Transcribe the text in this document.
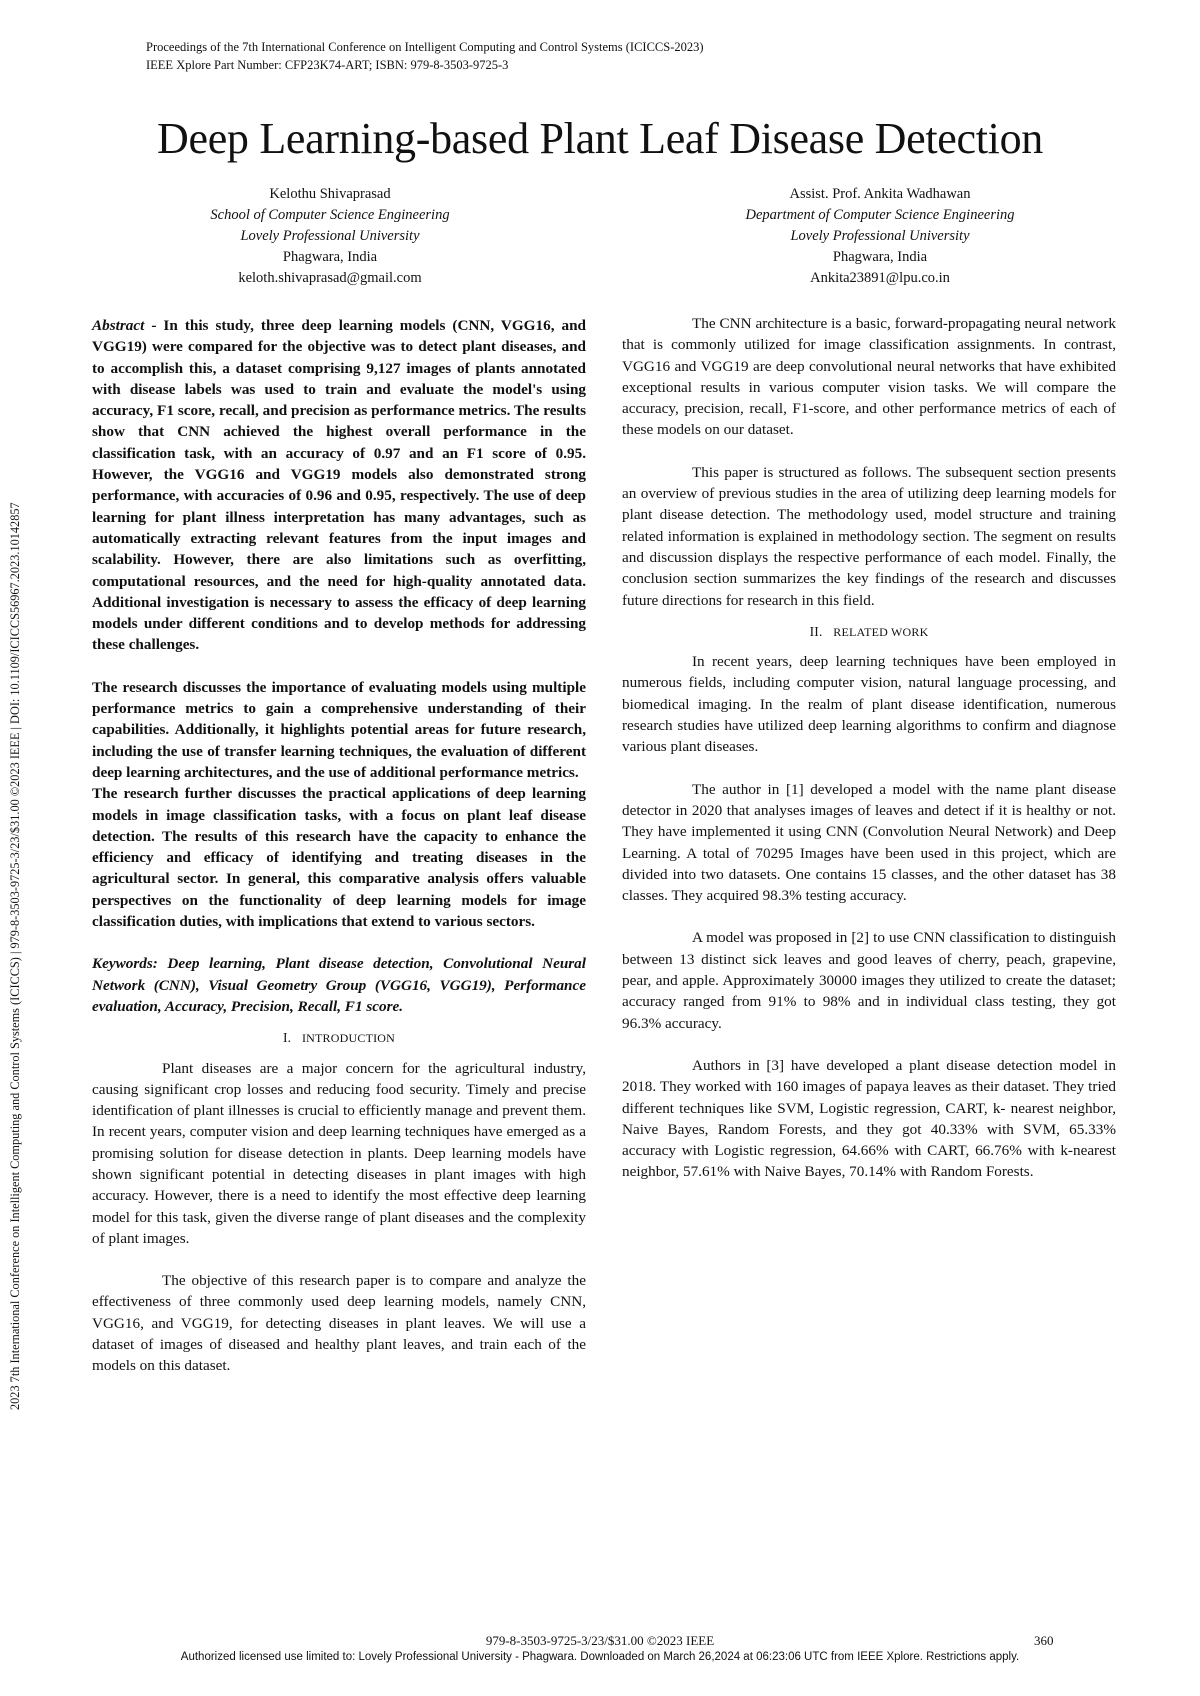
Proceedings of the 7th International Conference on Intelligent Computing and Control Systems (ICICCS-2023)
IEEE Xplore Part Number: CFP23K74-ART; ISBN: 979-8-3503-9725-3
Deep Learning-based Plant Leaf Disease Detection
Kelothu Shivaprasad
School of Computer Science Engineering
Lovely Professional University
Phagwara, India
keloth.shivaprasad@gmail.com
Assist. Prof. Ankita Wadhawan
Department of Computer Science Engineering
Lovely Professional University
Phagwara, India
Ankita23891@lpu.co.in
2023 7th International Conference on Intelligent Computing and Control Systems (ICICCS) | 979-8-3503-9725-3/23/$31.00 ©2023 IEEE | DOI: 10.1109/ICICCS56967.2023.10142857

Abstract - In this study, three deep learning models (CNN, VGG16, and VGG19) were compared for the objective was to detect plant diseases, and to accomplish this, a dataset comprising 9,127 images of plants annotated with disease labels was used to train and evaluate the model's using accuracy, F1 score, recall, and precision as performance metrics. The results show that CNN achieved the highest overall performance in the classification task, with an accuracy of 0.97 and an F1 score of 0.95. However, the VGG16 and VGG19 models also demonstrated strong performance, with accuracies of 0.96 and 0.95, respectively. The use of deep learning for plant illness interpretation has many advantages, such as automatically extracting relevant features from the input images and scalability. However, there are also limitations such as overfitting, computational resources, and the need for high-quality annotated data. Additional investigation is necessary to assess the efficacy of deep learning models under different conditions and to develop methods for addressing these challenges.

The research discusses the importance of evaluating models using multiple performance metrics to gain a comprehensive understanding of their capabilities. Additionally, it highlights potential areas for future research, including the use of transfer learning techniques, the evaluation of different deep learning architectures, and the use of additional performance metrics.

The research further discusses the practical applications of deep learning models in image classification tasks, with a focus on plant leaf disease detection. The results of this research have the capacity to enhance the efficiency and efficacy of identifying and treating diseases in the agricultural sector. In general, this comparative analysis offers valuable perspectives on the functionality of deep learning models for image classification duties, with implications that extend to various sectors.

Keywords: Deep learning, Plant disease detection, Convolutional Neural Network (CNN), Visual Geometry Group (VGG16, VGG19), Performance evaluation, Accuracy, Precision, Recall, F1 score.

I. INTRODUCTION

Plant diseases are a major concern for the agricultural industry, causing significant crop losses and reducing food security. Timely and precise identification of plant illnesses is crucial to efficiently manage and prevent them. In recent years, computer vision and deep learning techniques have emerged as a promising solution for disease detection in plants. Deep learning models have shown significant potential in detecting diseases in plant images with high accuracy. However, there is a need to identify the most effective deep learning model for this task, given the diverse range of plant diseases and the complexity of plant images.

The objective of this research paper is to compare and analyze the effectiveness of three commonly used deep learning models, namely CNN, VGG16, and VGG19, for detecting diseases in plant leaves. We will use a dataset of images of diseased and healthy plant leaves, and train each of the models on this dataset.

The CNN architecture is a basic, forward-propagating neural network that is commonly utilized for image classification assignments. In contrast, VGG16 and VGG19 are deep convolutional neural networks that have exhibited exceptional results in various computer vision tasks. We will compare the accuracy, precision, recall, F1-score, and other performance metrics of each of these models on our dataset.

This paper is structured as follows. The subsequent section presents an overview of previous studies in the area of utilizing deep learning models for plant disease detection. The methodology used, model structure and training related information is explained in methodology section. The segment on results and discussion displays the respective performance of each model. Finally, the conclusion section summarizes the key findings of the research and discusses future directions for research in this field.

II. RELATED WORK

In recent years, deep learning techniques have been employed in numerous fields, including computer vision, natural language processing, and biomedical imaging. In the realm of plant disease identification, numerous research studies have utilized deep learning algorithms to confirm and diagnose various plant diseases.

The author in [1] developed a model with the name plant disease detector in 2020 that analyses images of leaves and detect if it is healthy or not. They have implemented it using CNN (Convolution Neural Network) and Deep Learning. A total of 70295 Images have been used in this project, which are divided into two datasets. One contains 15 classes, and the other dataset has 38 classes. They acquired 98.3% testing accuracy.

A model was proposed in [2] to use CNN classification to distinguish between 13 distinct sick leaves and good leaves of cherry, peach, grapevine, pear, and apple. Approximately 30000 images they utilized to create the dataset; accuracy ranged from 91% to 98% and in individual class testing, they got 96.3% accuracy.

Authors in [3] have developed a plant disease detection model in 2018. They worked with 160 images of papaya leaves as their dataset. They tried different techniques like SVM, Logistic regression, CART, k- nearest neighbor, Naive Bayes, Random Forests, and they got 40.33% with SVM, 65.33% accuracy with Logistic regression, 64.66% with CART, 66.76% with k-nearest neighbor, 57.61% with Naive Bayes, 70.14% with Random Forests.

979-8-3503-9725-3/23/$31.00 ©2023 IEEE	360
Authorized licensed use limited to: Lovely Professional University - Phagwara. Downloaded on March 26,2024 at 06:23:06 UTC from IEEE Xplore. Restrictions apply.
